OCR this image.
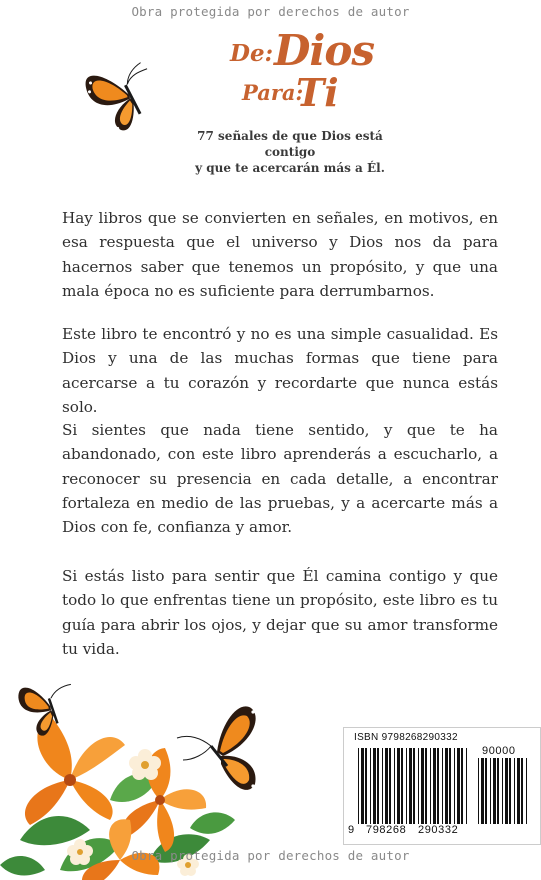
Obra protegida por derechos de autor
De: Dios
Para:
Ti
77 señales de que Dios está contigo
y que te acercarán más a Él.

Hay libros que se convierten en señales, en motivos, en esa respuesta que el universo y Dios nos da para hacernos saber que tenemos un propósito, y que una mala época no es suficiente para derrumbarnos.

Este libro te encontró y no es una simple casualidad. Es Dios y una de las muchas formas que tiene para acercarse a tu corazón y recordarte que nunca estás solo.

Si sientes que nada tiene sentido, y que te ha abandonado, con este libro aprenderás a escucharlo, a reconocer su presencia en cada detalle, a encontrar fortaleza en medio de las pruebas, y a acercarte más a Dios con fe, confianza y amor.

Si estás listo para sentir que Él camina contigo y que todo lo que enfrentas tiene un propósito, este libro es tu guía para abrir los ojos, y dejar que su amor transforme tu vida.

ISBN 9798268290332
90000
9 798268 290332
Obra protegida por derechos de autor
